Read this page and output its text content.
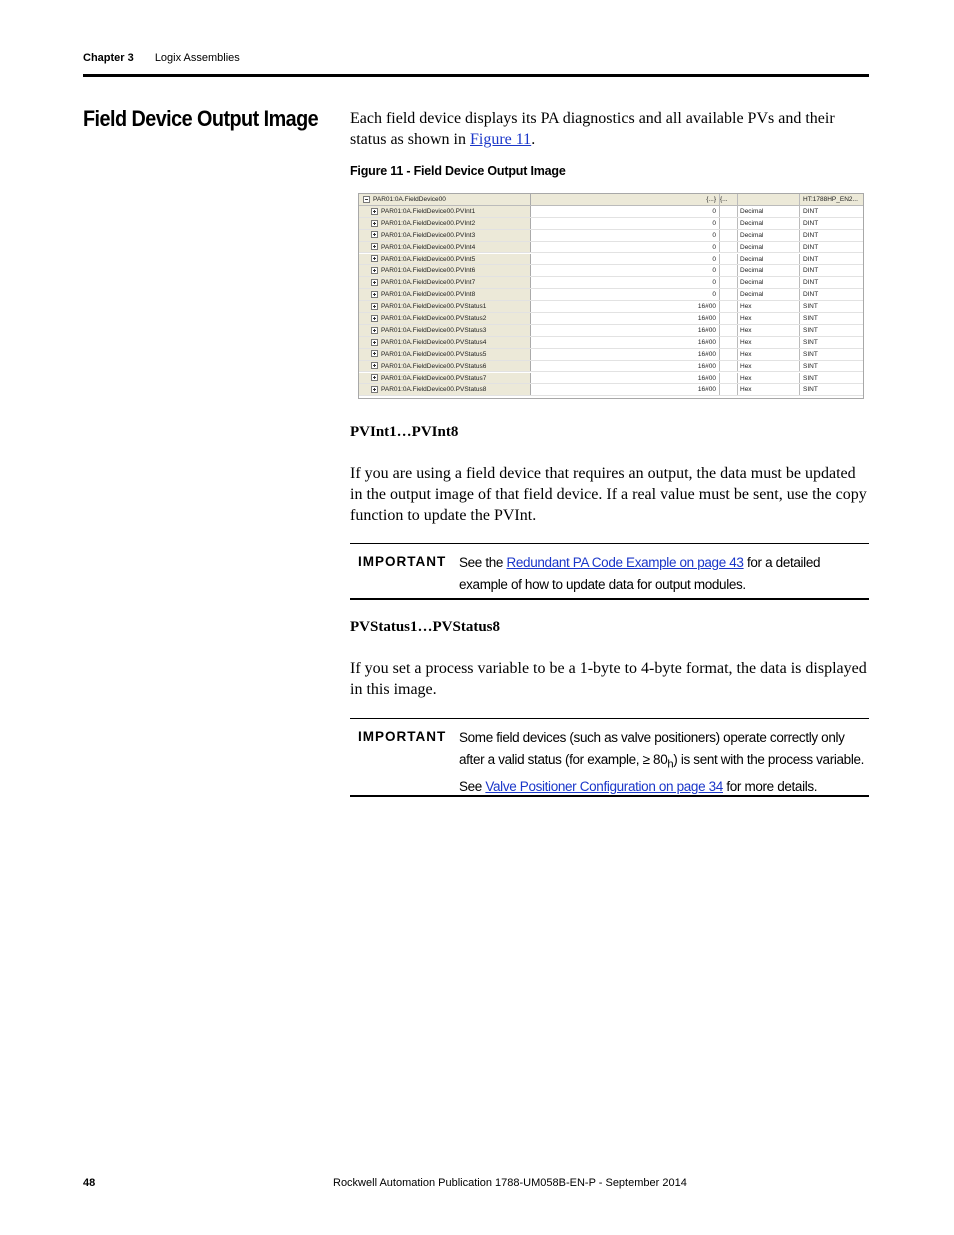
Chapter 3 Logix Assemblies
Field Device Output Image Each field device displays its PA diagnostics and all available PVs and their status as shown in Figure 11.
Figure 11 - Field Device Output Image
PAR01:0A.FieldDevice00	{...} {...	HT:1788HP_EN2...
PAR01:0A.FieldDevice00.PVInt1	0	Decimal	DINT
PAR01:0A.FieldDevice00.PVInt2	0	Decimal	DINT
PAR01:0A.FieldDevice00.PVInt3	0	Decimal	DINT
PAR01:0A.FieldDevice00.PVInt4	0	Decimal	DINT
PAR01:0A.FieldDevice00.PVInt5	0	Decimal	DINT
PAR01:0A.FieldDevice00.PVInt6	0	Decimal	DINT
PAR01:0A.FieldDevice00.PVInt7	0	Decimal	DINT
PAR01:0A.FieldDevice00.PVInt8	0	Decimal	DINT
PAR01:0A.FieldDevice00.PVStatus1	16#00	Hex	SINT
PAR01:0A.FieldDevice00.PVStatus2	16#00	Hex	SINT
PAR01:0A.FieldDevice00.PVStatus3	16#00	Hex	SINT
PAR01:0A.FieldDevice00.PVStatus4	16#00	Hex	SINT
PAR01:0A.FieldDevice00.PVStatus5	16#00	Hex	SINT
PAR01:0A.FieldDevice00.PVStatus6	16#00	Hex	SINT
PAR01:0A.FieldDevice00.PVStatus7	16#00	Hex	SINT
PAR01:0A.FieldDevice00.PVStatus8	16#00	Hex	SINT
PVInt1…PVInt8
If you are using a field device that requires an output, the data must be updated in the output image of that field device. If a real value must be sent, use the copy function to update the PVInt.
IMPORTANT See the Redundant PA Code Example on page 43 for a detailed example of how to update data for output modules.
PVStatus1…PVStatus8
If you set a process variable to be a 1-byte to 4-byte format, the data is displayed in this image.
IMPORTANT Some field devices (such as valve positioners) operate correctly only after a valid status (for example, ≥ $80_h$) is sent with the process variable. See Valve Positioner Configuration on page 34 for more details.
48	Rockwell Automation Publication 1788-UM058B-EN-P - September 2014
